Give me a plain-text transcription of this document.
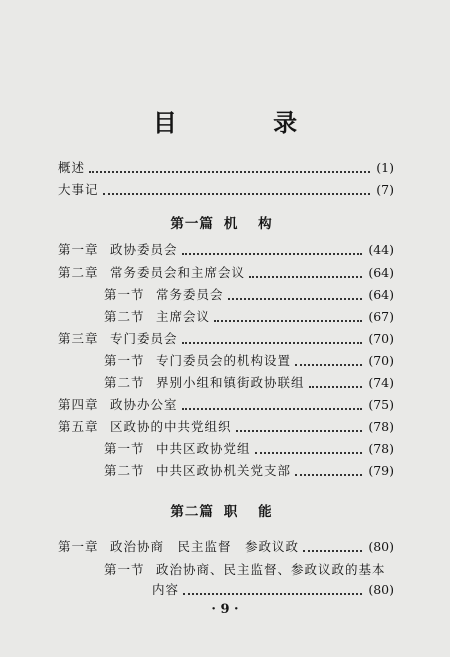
目 录
概述	(1)
大事记	(7)
第一篇 机 构
第一章 政协委员会	(44)
第二章 常务委员会和主席会议	(64)
第一节 常务委员会	(64)
第二节 主席会议	(67)
第三章 专门委员会	(70)
第一节 专门委员会的机构设置	(70)
第二节 界别小组和镇街政协联组	(74)
第四章 政协办公室	(75)
第五章 区政协的中共党组织	(78)
第一节 中共区政协党组	(78)
第二节 中共区政协机关党支部	(79)
第二篇 职 能
第一章 政治协商　民主监督　参政议政	(80)
第一节 政治协商、民主监督、参政议政的基本
内容	(80)
· 9 ·
